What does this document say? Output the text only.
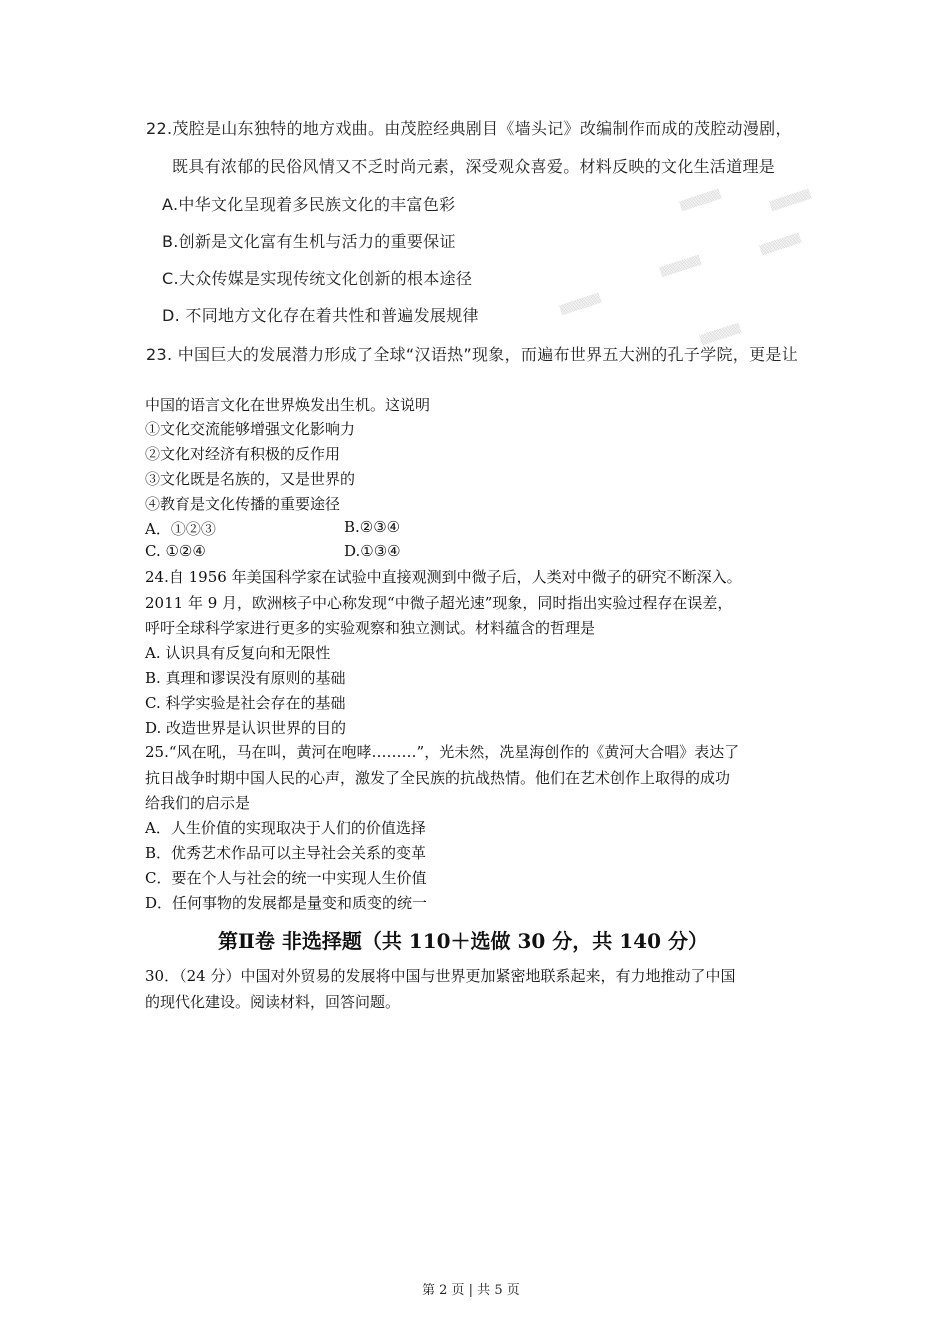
▒▒▒▒▒▒	▒▒▒▒▒▒
▒▒▒▒▒▒
▒▒▒▒▒▒
▒▒▒▒▒▒
▒▒▒▒▒▒
22.茂腔是山东独特的地方戏曲。由茂腔经典剧目《墙头记》改编制作而成的茂腔动漫剧，
既具有浓郁的民俗风情又不乏时尚元素，深受观众喜爱。材料反映的文化生活道理是
A.中华文化呈现着多民族文化的丰富色彩
B.创新是文化富有生机与活力的重要保证
C.大众传媒是实现传统文化创新的根本途径
D. 不同地方文化存在着共性和普遍发展规律
23. 中国巨大的发展潜力形成了全球“汉语热”现象，而遍布世界五大洲的孔子学院，更是让
中国的语言文化在世界焕发出生机。这说明
①文化交流能够增强文化影响力
②文化对经济有积极的反作用
③文化既是名族的，又是世界的
④教育是文化传播的重要途径
A．①②③	B.②③④
C. ①②④	D.①③④
24.自 1956 年美国科学家在试验中直接观测到中微子后，人类对中微子的研究不断深入。
2011 年 9 月，欧洲核子中心称发现“中微子超光速”现象，同时指出实验过程存在误差，
呼吁全球科学家进行更多的实验观察和独立测试。材料蕴含的哲理是
A. 认识具有反复向和无限性
B. 真理和谬误没有原则的基础
C. 科学实验是社会存在的基础
D. 改造世界是认识世界的目的
25.“风在吼，马在叫，黄河在咆哮………”，光未然，冼星海创作的《黄河大合唱》表达了
抗日战争时期中国人民的心声，激发了全民族的抗战热情。他们在艺术创作上取得的成功
给我们的启示是
A．人生价值的实现取决于人们的价值选择
B．优秀艺术作品可以主导社会关系的变革
C．要在个人与社会的统一中实现人生价值
D．任何事物的发展都是量变和质变的统一
第Ⅱ卷 非选择题（共 110＋选做 30 分，共 140 分）
30．（24 分）中国对外贸易的发展将中国与世界更加紧密地联系起来，有力地推动了中国
的现代化建设。阅读材料，回答问题。
第 2 页 | 共 5 页
